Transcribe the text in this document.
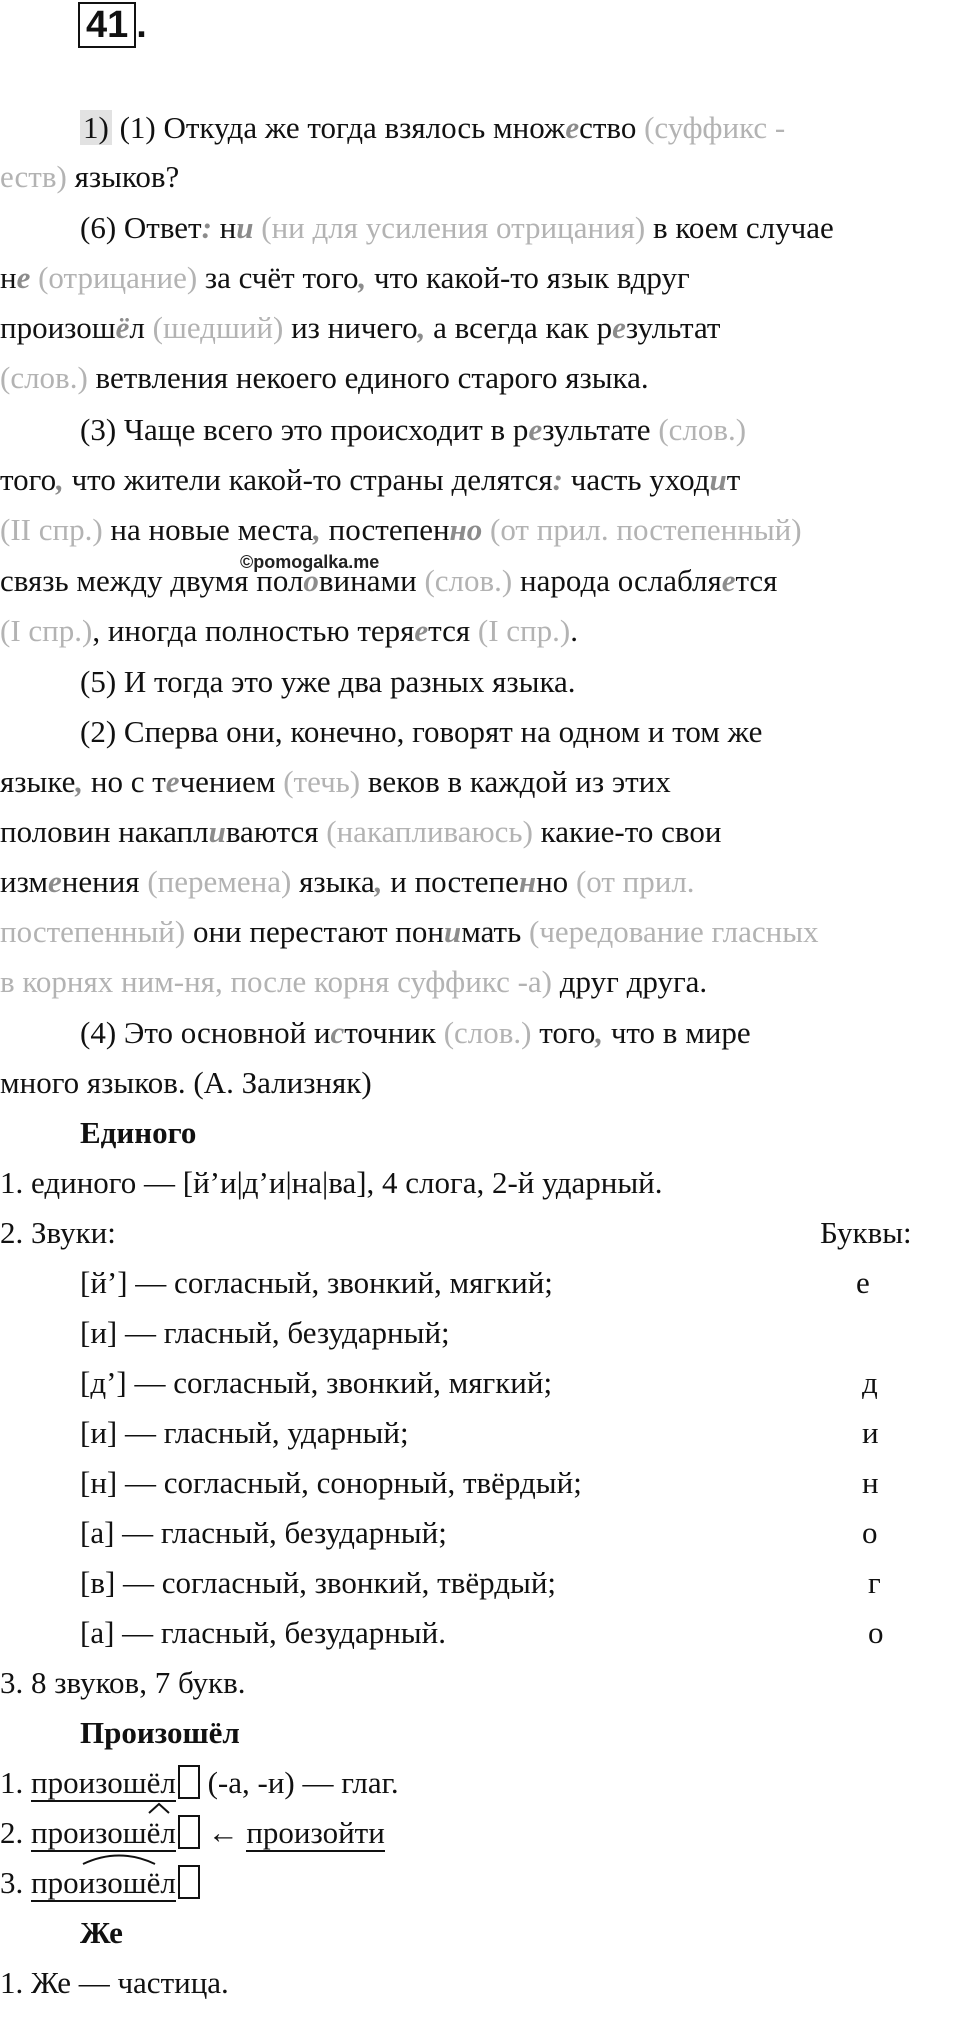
41 .
1) (1) Откуда же тогда взялось множество (суффикс -
еств) языков?
(6) Ответ: ни (ни для усиления отрицания) в коем случае
не (отрицание) за счёт того, что какой-то язык вдруг
произошёл (шедший) из ничего, а всегда как результат
(слов.) ветвления некоего единого старого языка.
(3) Чаще всего это происходит в результате (слов.)
того, что жители какой-то страны делятся: часть уходит
(II спр.) на новые места, постепенно (от прил. постепенный)
©pomogalka.me
связь между двумя половинами (слов.) народа ослабляется
(I спр.), иногда полностью теряется (I спр.).
(5) И тогда это уже два разных языка.
(2) Сперва они, конечно, говорят на одном и том же
языке, но с течением (течь) веков в каждой из этих
половин накапливаются (накапливаюсь) какие-то свои
изменения (перемена) языка, и постепенно (от прил.
постепенный) они перестают понимать (чередование гласных
в корнях ним-ня, после корня суффикс -а) друг друга.
(4) Это основной источник (слов.) того, что в мире
много языков. (А. Зализняк)
Единого
1. единого — [й’и|д’и|на|ва], 4 слога, 2-й ударный.
2. Звуки:	Буквы:
[й’] — согласный, звонкий, мягкий;	е
[и] — гласный, безударный;
[д’] — согласный, звонкий, мягкий;	д
[и] — гласный, ударный;	и
[н] — согласный, сонорный, твёрдый;	н
[а] — гласный, безударный;	о
[в] — согласный, звонкий, твёрдый;	г
[а] — гласный, безударный.	о
3. 8 звуков, 7 букв.
Произошёл
1. произошёл (-а, -и) — глаг.
2.
произошёл ← произойти
3.
произошёл
Же
1. Же — частица.
